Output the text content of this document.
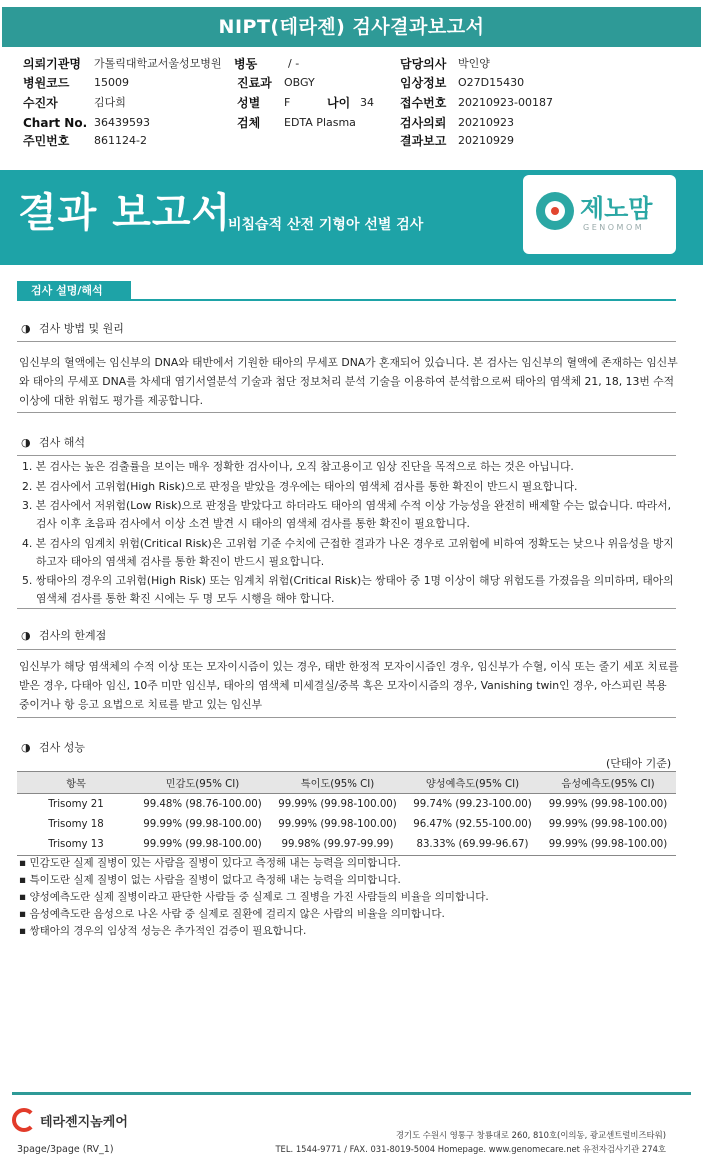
NIPT(테라젠) 검사결과보고서
의뢰기관명 가톨릭대학교서울성모병원 병동	/ -	담당의사 박인양
병원코드 15009	진료과 OBGY	임상정보 O27D15430
수진자	김다희	성별 F	나이 34 접수번호 20210923-00187
Chart No. 36439593	검체 EDTA Plasma	검사의뢰 20210923
주민번호 861124-2	결과보고 20210929
결과 보고서
비침습적 산전 기형아 선별 검사
제노맘
GENOMOM
검사 설명/해석
◑ 검사 방법 및 원리
임신부의 혈액에는 임신부의 DNA와 태반에서 기원한 태아의 무세포 DNA가 혼재되어 있습니다. 본 검사는 임신부의 혈액에 존재하는 임신부와 태아의 무세포 DNA를 차세대 염기서열분석 기술과 첨단 정보처리 분석 기술을 이용하여 분석함으로써 태아의 염색체 21, 18, 13번 수적 이상에 대한 위험도 평가를 제공합니다.
◑ 검사 해석
1. 본 검사는 높은 검출률을 보이는 매우 정확한 검사이나, 오직 참고용이고 임상 진단을 목적으로 하는 것은 아닙니다.
2. 본 검사에서 고위험(High Risk)으로 판정을 받았을 경우에는 태아의 염색체 검사를 통한 확진이 반드시 필요합니다.
3. 본 검사에서 저위험(Low Risk)으로 판정을 받았다고 하더라도 태아의 염색체 수적 이상 가능성을 완전히 배제할 수는 없습니다. 따라서, 검사 이후 초음파 검사에서 이상 소견 발견 시 태아의 염색체 검사를 통한 확진이 필요합니다.
4. 본 검사의 임계치 위험(Critical Risk)은 고위험 기준 수치에 근접한 결과가 나온 경우로 고위험에 비하여 정확도는 낮으나 위음성을 방지하고자 태아의 염색체 검사를 통한 확진이 반드시 필요합니다.
5. 쌍태아의 경우의 고위험(High Risk) 또는 임계치 위험(Critical Risk)는 쌍태아 중 1명 이상이 해당 위험도를 가졌음을 의미하며, 태아의 염색체 검사를 통한 확진 시에는 두 명 모두 시행을 해야 합니다.
◑ 검사의 한계점
임신부가 해당 염색체의 수적 이상 또는 모자이시즘이 있는 경우, 태반 한정적 모자이시즘인 경우, 임신부가 수혈, 이식 또는 줄기 세포 치료를 받은 경우, 다태아 임신, 10주 미만 임신부, 태아의 염색체 미세결실/중복 혹은 모자이시즘의 경우, Vanishing twin인 경우, 아스피린 복용 중이거나 항 응고 요법으로 치료를 받고 있는 임신부
◑ 검사 성능
(단태아 기준)
항목	민감도(95% CI)	특이도(95% CI)	양성예측도(95% CI)	음성예측도(95% CI)
Trisomy 21	99.48% (98.76-100.00)	99.99% (99.98-100.00)	99.74% (99.23-100.00)	99.99% (99.98-100.00)
Trisomy 18	99.99% (99.98-100.00)	99.99% (99.98-100.00)	96.47% (92.55-100.00)	99.99% (99.98-100.00)
Trisomy 13	99.99% (99.98-100.00)	99.98% (99.97-99.99)	83.33% (69.99-96.67)	99.99% (99.98-100.00)
▪ 민감도란 실제 질병이 있는 사람을 질병이 있다고 측정해 내는 능력을 의미합니다.
▪ 특이도란 실제 질병이 없는 사람을 질병이 없다고 측정해 내는 능력을 의미합니다.
▪ 양성예측도란 실제 질병이라고 판단한 사람들 중 실제로 그 질병을 가진 사람들의 비율을 의미합니다.
▪ 음성예측도란 음성으로 나온 사람 중 실제로 질환에 걸리지 않은 사람의 비율을 의미합니다.
▪ 쌍태아의 경우의 임상적 성능은 추가적인 검증이 필요합니다.
테라젠지놈케어
3page/3page (RV_1)
경기도 수원시 영통구 창룡대로 260, 810호(이의동, 광교센트럴비즈타워)
TEL. 1544-9771 / FAX. 031-8019-5004 Homepage. www.genomecare.net 유전자검사기관 274호
